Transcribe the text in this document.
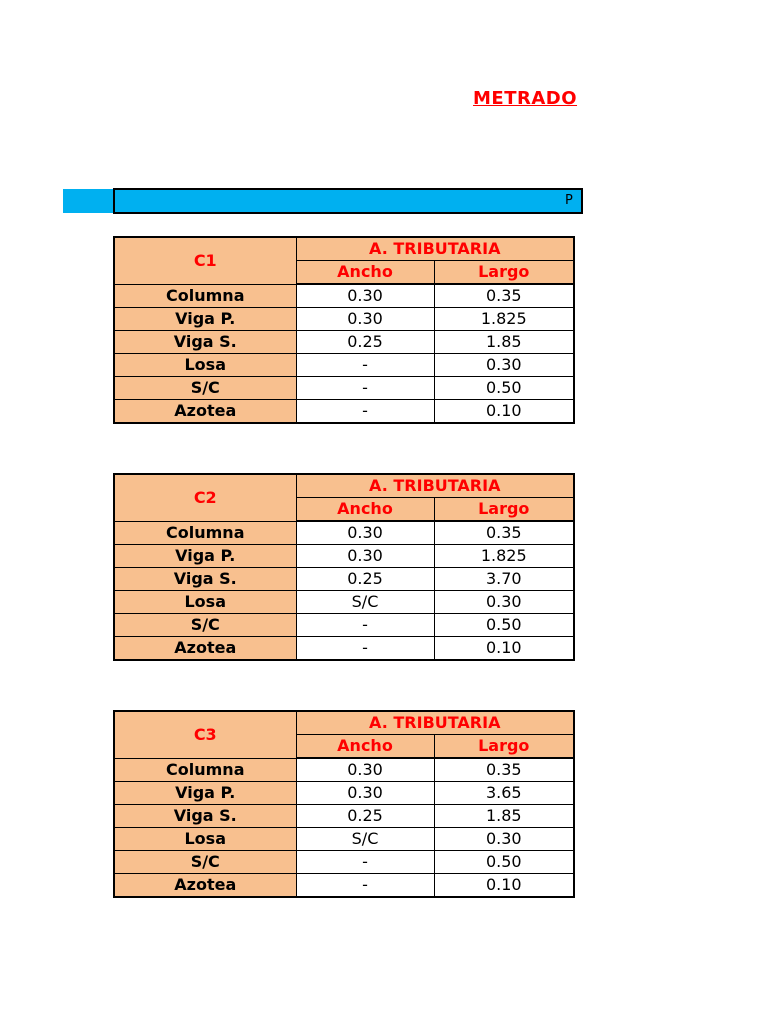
METRADO
P
C1	A. TRIBUTARIA	
	Ancho	Largo
Columna	0.30	0.35
Viga P.	0.30	1.825
Viga S.	0.25	1.85
Losa	-	0.30
S/C	-	0.50
Azotea	-	0.10
C2	A. TRIBUTARIA	
	Ancho	Largo
Columna	0.30	0.35
Viga P.	0.30	1.825
Viga S.	0.25	3.70
Losa	S/C	0.30
S/C	-	0.50
Azotea	-	0.10
C3	A. TRIBUTARIA	
	Ancho	Largo
Columna	0.30	0.35
Viga P.	0.30	3.65
Viga S.	0.25	1.85
Losa	S/C	0.30
S/C	-	0.50
Azotea	-	0.10
